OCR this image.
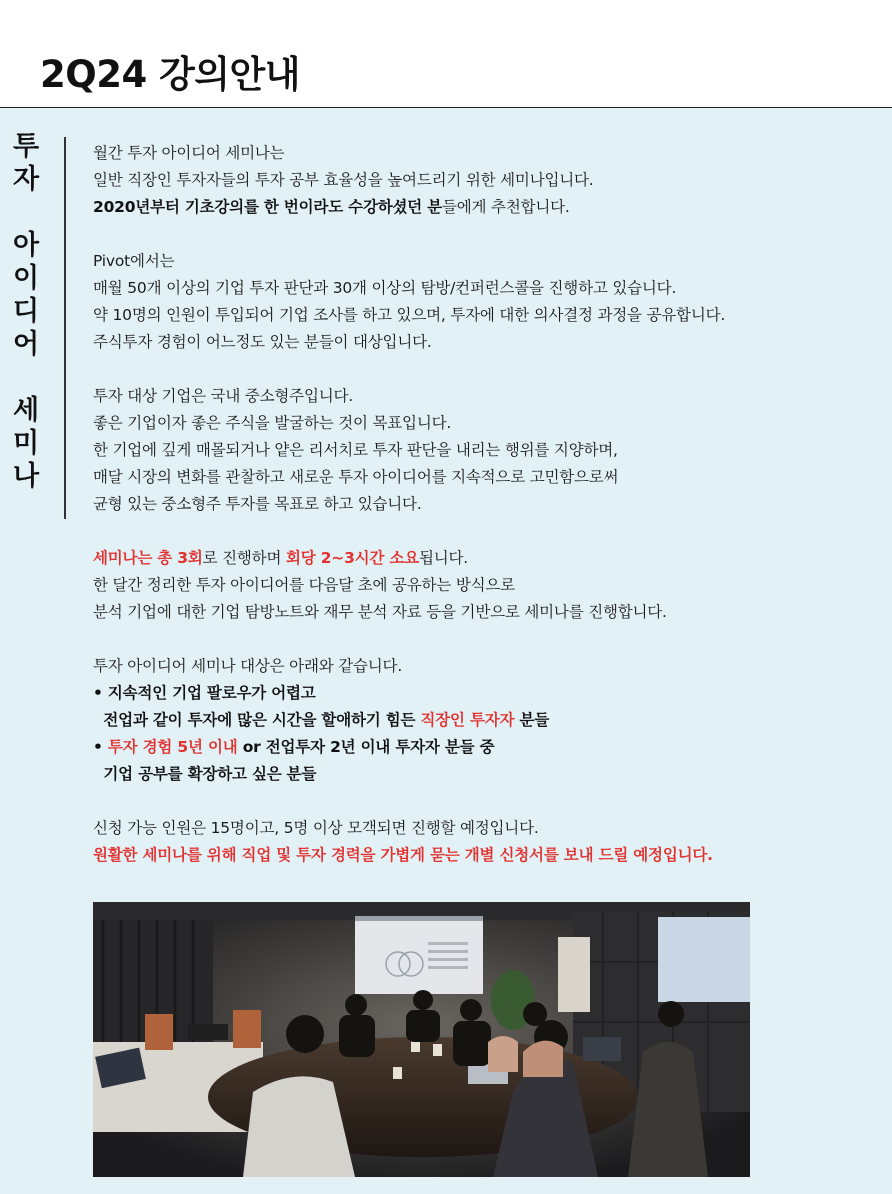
2Q24 강의안내
투
자
아
이
디
어
세
미
나
월간 투자 아이디어 세미나는
일반 직장인 투자자들의 투자 공부 효율성을 높여드리기 위한 세미나입니다.
2020년부터 기초강의를 한 번이라도 수강하셨던 분들에게 추천합니다.
Pivot에서는
매월 50개 이상의 기업 투자 판단과 30개 이상의 탐방/컨퍼런스콜을 진행하고 있습니다.
약 10명의 인원이 투입되어 기업 조사를 하고 있으며, 투자에 대한 의사결정 과정을 공유합니다.
주식투자 경험이 어느정도 있는 분들이 대상입니다.
투자 대상 기업은 국내 중소형주입니다.
좋은 기업이자 좋은 주식을 발굴하는 것이 목표입니다.
한 기업에 깊게 매몰되거나 얕은 리서치로 투자 판단을 내리는 행위를 지양하며,
매달 시장의 변화를 관찰하고 새로운 투자 아이디어를 지속적으로 고민함으로써
균형 있는 중소형주 투자를 목표로 하고 있습니다.
세미나는 총 3회로 진행하며 회당 2~3시간 소요됩니다.
한 달간 정리한 투자 아이디어를 다음달 초에 공유하는 방식으로
분석 기업에 대한 기업 탐방노트와 재무 분석 자료 등을 기반으로 세미나를 진행합니다.
투자 아이디어 세미나 대상은 아래와 같습니다.
• 지속적인 기업 팔로우가 어렵고
전업과 같이 투자에 많은 시간을 할애하기 힘든 직장인 투자자 분들
• 투자 경험 5년 이내 or 전업투자 2년 이내 투자자 분들 중
기업 공부를 확장하고 싶은 분들
신청 가능 인원은 15명이고, 5명 이상 모객되면 진행할 예정입니다.
원활한 세미나를 위해 직업 및 투자 경력을 가볍게 묻는 개별 신청서를 보내 드릴 예정입니다.
